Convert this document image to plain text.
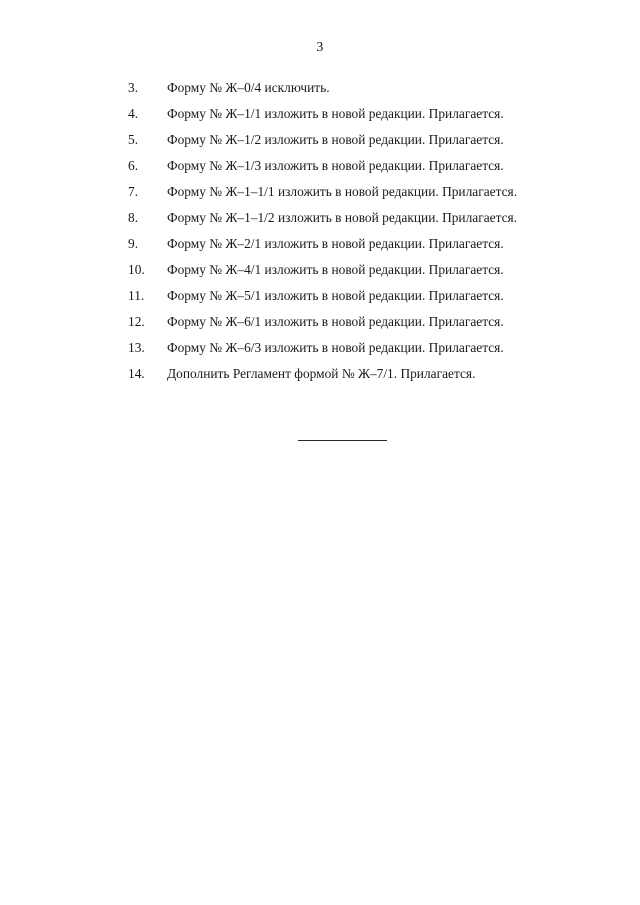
3
3. Форму № Ж–0/4 исключить.
4. Форму № Ж–1/1 изложить в новой редакции. Прилагается.
5. Форму № Ж–1/2 изложить в новой редакции. Прилагается.
6. Форму № Ж–1/3 изложить в новой редакции. Прилагается.
7. Форму № Ж–1–1/1 изложить в новой редакции. Прилагается.
8. Форму № Ж–1–1/2 изложить в новой редакции. Прилагается.
9. Форму № Ж–2/1 изложить в новой редакции. Прилагается.
10. Форму № Ж–4/1 изложить в новой редакции. Прилагается.
11. Форму № Ж–5/1 изложить в новой редакции. Прилагается.
12. Форму № Ж–6/1 изложить в новой редакции. Прилагается.
13. Форму № Ж–6/3 изложить в новой редакции. Прилагается.
14. Дополнить Регламент формой № Ж–7/1. Прилагается.
